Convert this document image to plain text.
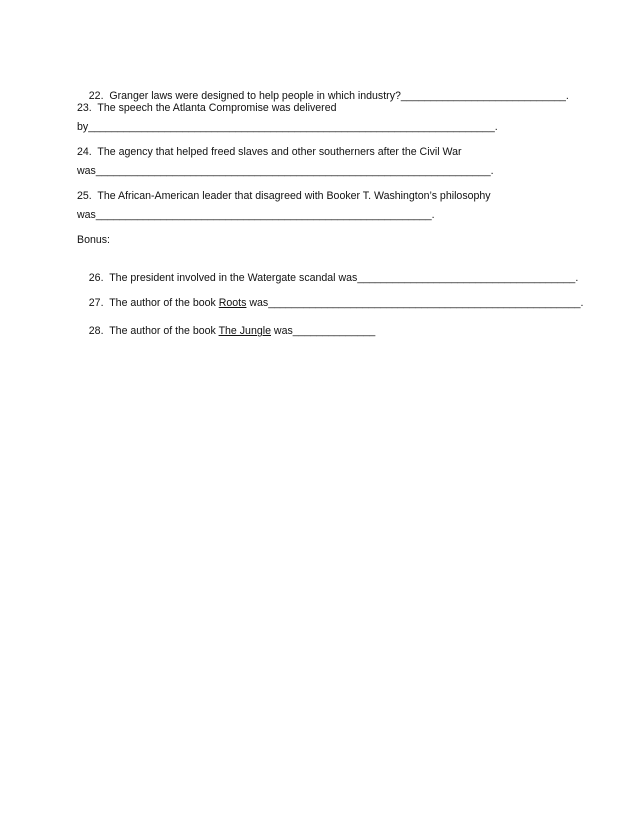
22.  Granger laws were designed to help people in which industry?____________________________.

23.  The speech the Atlanta Compromise was delivered
by_____________________________________________________________________.
24.  The agency that helped freed slaves and other southerners after the Civil War
was___________________________________________________________________.
25.  The African-American leader that disagreed with Booker T. Washington’s philosophy
was_________________________________________________________.
Bonus:

26.  The president involved in the Watergate scandal was_____________________________________.

27.  The author of the book Roots was_____________________________________________________.

28.  The author of the book The Jungle was______________
